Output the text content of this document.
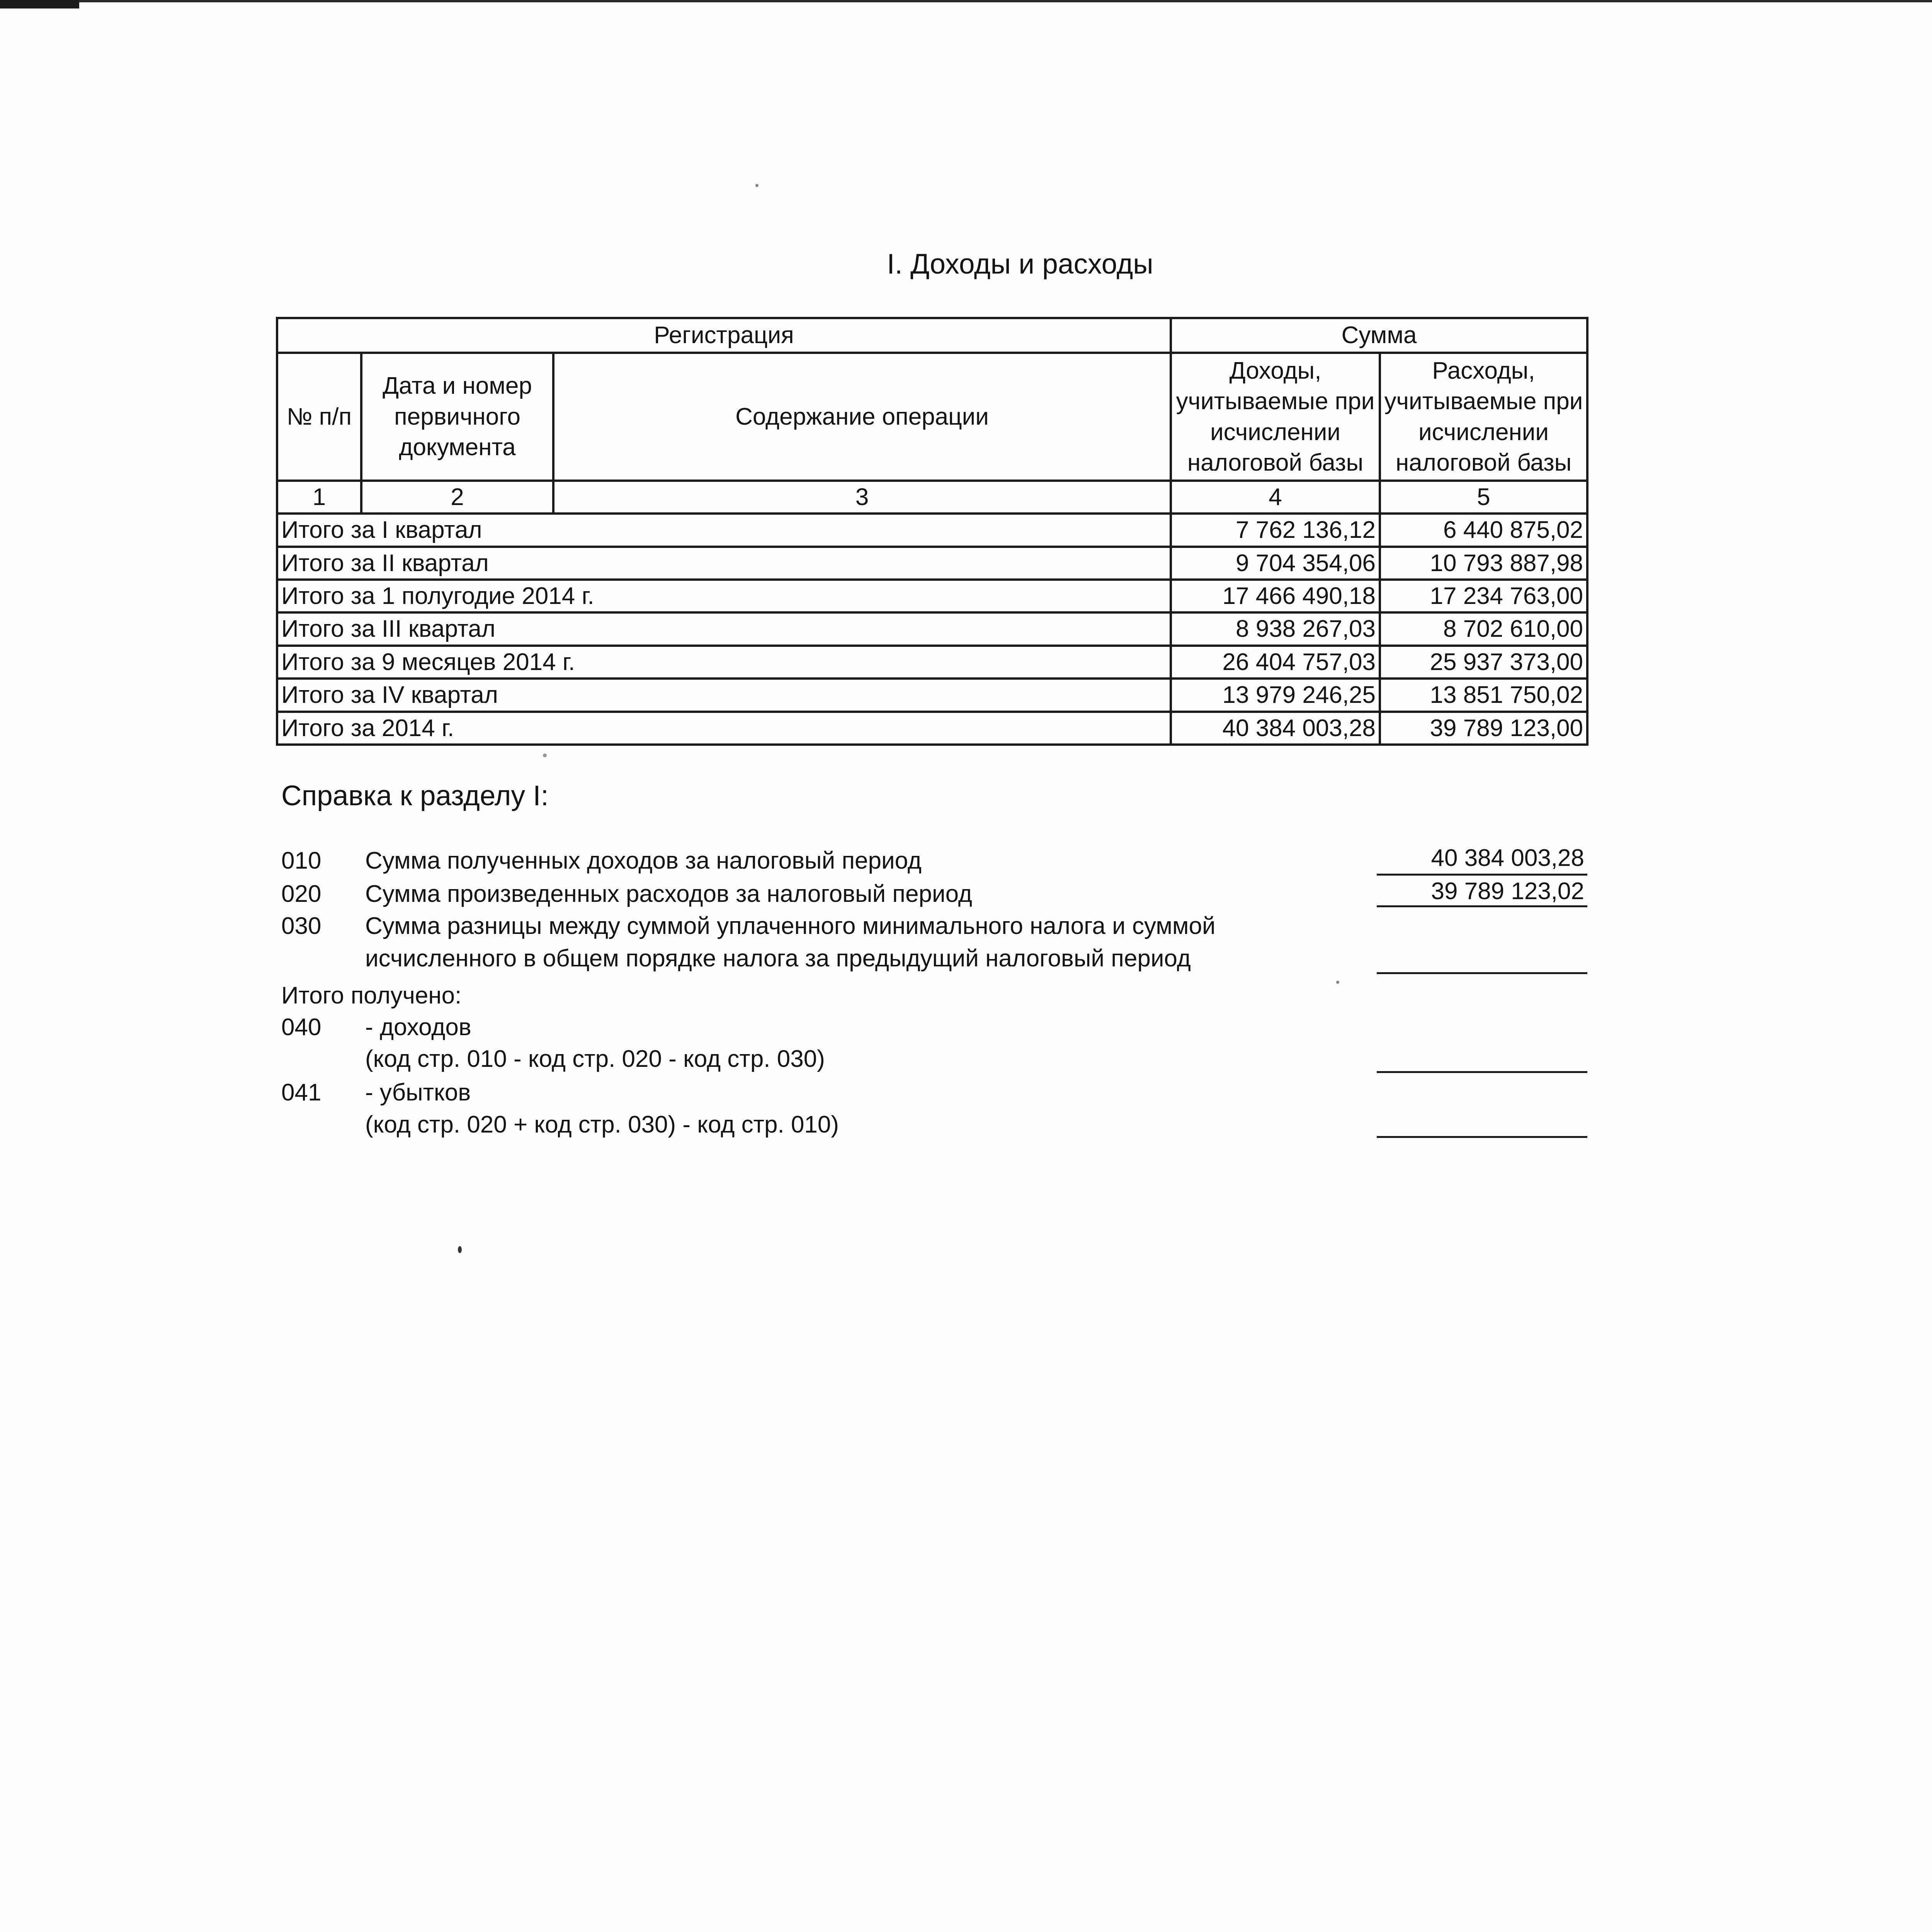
I. Доходы и расходы
Регистрация			Сумма	
№ п/п	Дата и номер первичного документа	Содержание операции	Доходы, учитываемые при исчислении налоговой базы	Расходы, учитываемые при исчислении налоговой базы
1	2	3	4	5
Итого за I квартал			7 762 136,12	6 440 875,02
Итого за II квартал			9 704 354,06	10 793 887,98
Итого за 1 полугодие 2014 г.			17 466 490,18	17 234 763,00
Итого за III квартал			8 938 267,03	8 702 610,00
Итого за 9 месяцев 2014 г.			26 404 757,03	25 937 373,00
Итого за IV квартал			13 979 246,25	13 851 750,02
Итого за 2014 г.			40 384 003,28	39 789 123,00
Справка к разделу I:
010 Сумма полученных доходов за налоговый период	40 384 003,28
020 Сумма произведенных расходов за налоговый период	39 789 123,02
030 Сумма разницы между суммой уплаченного минимального налога и суммой
исчисленного в общем порядке налога за предыдущий налоговый период
Итого получено:
040 - доходов
(код стр. 010 - код стр. 020 - код стр. 030)
041 - убытков
(код стр. 020 + код стр. 030) - код стр. 010)
